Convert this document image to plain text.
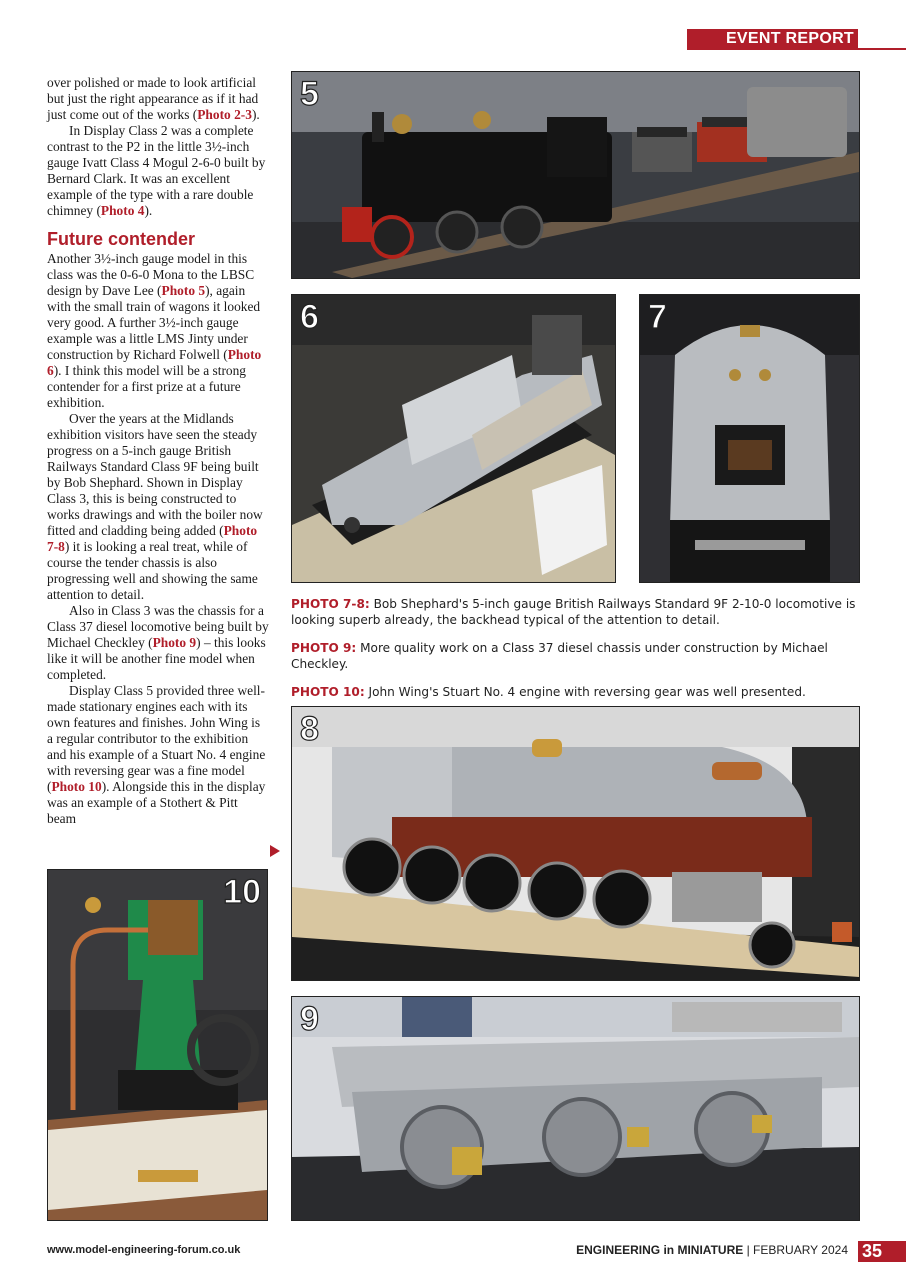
EVENT REPORT

over polished or made to look artificial but just the right appearance as if it had just come out of the works (Photo 2-3).

In Display Class 2 was a complete contrast to the P2 in the little 3½-inch gauge Ivatt Class 4 Mogul 2-6-0 built by Bernard Clark. It was an excellent example of the type with a rare double chimney (Photo 4).

Future contender

Another 3½-inch gauge model in this class was the 0-6-0 Mona to the LBSC design by Dave Lee (Photo 5), again with the small train of wagons it looked very good. A further 3½-inch gauge example was a little LMS Jinty under construction by Richard Folwell (Photo 6). I think this model will be a strong contender for a first prize at a future exhibition.

Over the years at the Midlands exhibition visitors have seen the steady progress on a 5-inch gauge British Railways Standard Class 9F being built by Bob Shephard. Shown in Display Class 3, this is being constructed to works drawings and with the boiler now fitted and cladding being added (Photo 7-8) it is looking a real treat, while of course the tender chassis is also progressing well and showing the same attention to detail.

Also in Class 3 was the chassis for a Class 37 diesel locomotive being built by Michael Checkley (Photo 9) – this looks like it will be another fine model when completed.

Display Class 5 provided three well-made stationary engines each with its own features and finishes. John Wing is a regular contributor to the exhibition and his example of a Stuart No. 4 engine with reversing gear was a fine model (Photo 10). Alongside this in the display was an example of a Stothert & Pitt beam

5
6	7

PHOTO 7-8: Bob Shephard's 5-inch gauge British Railways Standard 9F 2-10-0 locomotive is looking superb already, the backhead typical of the attention to detail.

PHOTO 9: More quality work on a Class 37 diesel chassis under construction by Michael Checkley.

PHOTO 10: John Wing's Stuart No. 4 engine with reversing gear was well presented.

8
9
10
www.model-engineering-forum.co.uk	ENGINEERING in MINIATURE | FEBRUARY 2024 35
